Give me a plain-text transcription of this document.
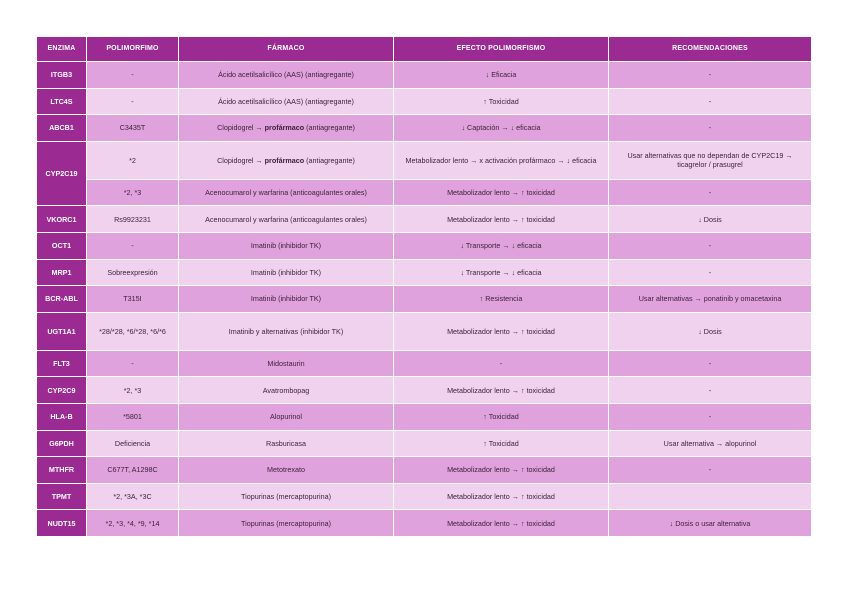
ENZIMA	POLIMORFIMO	FÁRMACO	EFECTO POLIMORFISMO	RECOMENDACIONES
ITGB3	-	Ácido acetilsalicílico (AAS) (antiagregante)	↓ Eficacia	-
LTC4S	-	Ácido acetilsalicílico (AAS) (antiagregante)	↑ Toxicidad	-
ABCB1	C3435T	Clopidogrel → profármaco (antiagregante)	↓ Captación → ↓ eficacia	-
CYP2C19	*2	Clopidogrel → profármaco (antiagregante)	Metabolizador lento → x activación profármaco → ↓ eficacia	Usar alternativas que no dependan de CYP2C19 → ticagrelor / prasugrel
	*2, *3	Acenocumarol y warfarina (anticoagulantes orales)	Metabolizador lento → ↑ toxicidad	-
VKORC1	Rs9923231	Acenocumarol y warfarina (anticoagulantes orales)	Metabolizador lento → ↑ toxicidad	↓ Dosis
OCT1	-	Imatinib (inhibidor TK)	↓ Transporte → ↓ eficacia	-
MRP1	Sobreexpresión	Imatinib (inhibidor TK)	↓ Transporte → ↓ eficacia	-
BCR-ABL	T315I	Imatinib (inhibidor TK)	↑ Resistencia	Usar alternativas → ponatinib y omacetaxina
UGT1A1	*28/*28, *6/*28, *6/*6	Imatinib y alternativas (inhibidor TK)	Metabolizador lento → ↑ toxicidad	↓ Dosis
FLT3	-	Midostaurin	-	-
CYP2C9	*2, *3	Avatrombopag	Metabolizador lento → ↑ toxicidad	-
HLA-B	*5801	Alopurinol	↑ Toxicidad	-
G6PDH	Deficiencia	Rasburicasa	↑ Toxicidad	Usar alternativa → alopurinol
MTHFR	C677T, A1298C	Metotrexato	Metabolizador lento → ↑ toxicidad	-
TPMT	*2, *3A, *3C	Tiopurinas (mercaptopurina)	Metabolizador lento → ↑ toxicidad	
NUDT15	*2, *3, *4, *9, *14	Tiopurinas (mercaptopurina)	Metabolizador lento → ↑ toxicidad	↓ Dosis o usar alternativa
